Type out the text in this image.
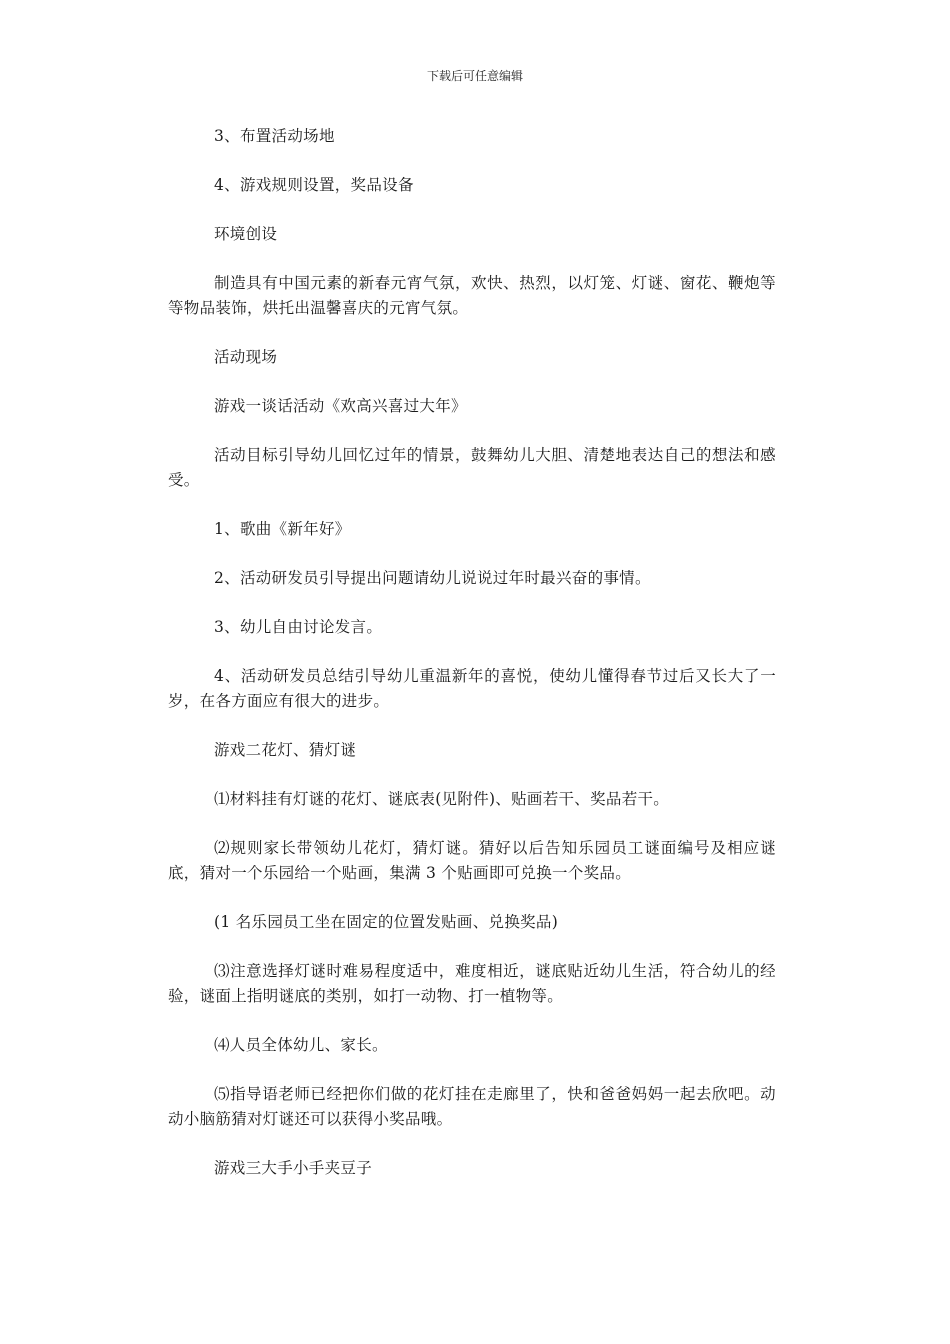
下载后可任意编辑

3、布置活动场地

4、游戏规则设置，奖品设备

环境创设

制造具有中国元素的新春元宵气氛，欢快、热烈，以灯笼、灯谜、窗花、鞭炮等等物品装饰，烘托出温馨喜庆的元宵气氛。

活动现场

游戏一谈话活动《欢高兴喜过大年》

活动目标引导幼儿回忆过年的情景，鼓舞幼儿大胆、清楚地表达自己的想法和感受。

1、歌曲《新年好》

2、活动研发员引导提出问题请幼儿说说过年时最兴奋的事情。

3、幼儿自由讨论发言。

4、活动研发员总结引导幼儿重温新年的喜悦，使幼儿懂得春节过后又长大了一岁，在各方面应有很大的进步。

游戏二花灯、猜灯谜

⑴材料挂有灯谜的花灯、谜底表(见附件)、贴画若干、奖品若干。

⑵规则家长带领幼儿花灯，猜灯谜。猜好以后告知乐园员工谜面编号及相应谜底，猜对一个乐园给一个贴画，集满 3 个贴画即可兑换一个奖品。

(1 名乐园员工坐在固定的位置发贴画、兑换奖品)

⑶注意选择灯谜时难易程度适中，难度相近，谜底贴近幼儿生活，符合幼儿的经验，谜面上指明谜底的类别，如打一动物、打一植物等。

⑷人员全体幼儿、家长。

⑸指导语老师已经把你们做的花灯挂在走廊里了，快和爸爸妈妈一起去欣吧。动动小脑筋猜对灯谜还可以获得小奖品哦。

游戏三大手小手夹豆子
